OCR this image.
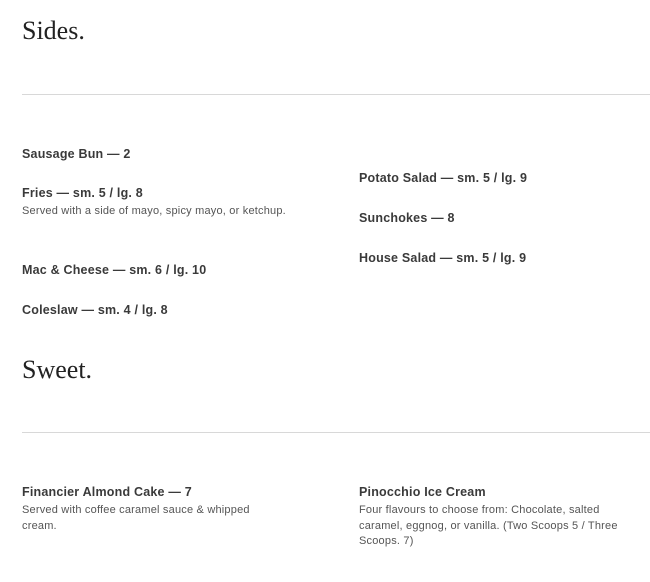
Sides.
Sausage Bun — 2
Fries — sm. 5 / lg. 8
Served with a side of mayo, spicy mayo, or ketchup.
Mac & Cheese — sm. 6 / lg. 10
Coleslaw — sm. 4 / lg. 8
Potato Salad — sm. 5 / lg. 9
Sunchokes — 8
House Salad — sm. 5 / lg. 9
Sweet.
Financier Almond Cake — 7
Served with coffee caramel sauce & whipped cream.
Pinocchio Ice Cream
Four flavours to choose from: Chocolate, salted caramel, eggnog, or vanilla. (Two Scoops 5 / Three Scoops. 7)
